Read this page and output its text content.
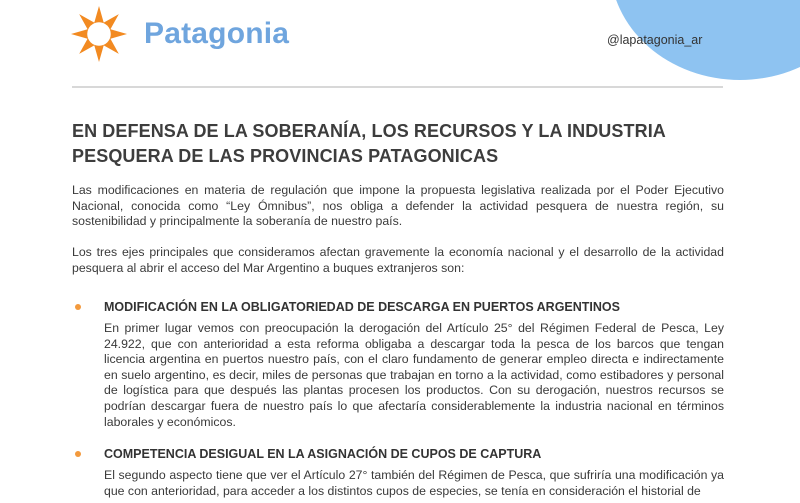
Patagonia	@lapatagonia_ar
EN DEFENSA DE LA SOBERANÍA, LOS RECURSOS Y LA INDUSTRIA PESQUERA DE LAS PROVINCIAS PATAGONICAS

Las modificaciones en materia de regulación que impone la propuesta legislativa realizada por el Poder Ejecutivo Nacional, conocida como “Ley Ómnibus”, nos obliga a defender la actividad pesquera de nuestra región, su sostenibilidad y principalmente la soberanía de nuestro país.

Los tres ejes principales que consideramos afectan gravemente la economía nacional y el desarrollo de la actividad pesquera al abrir el acceso del Mar Argentino a buques extranjeros son:

MODIFICACIÓN EN LA OBLIGATORIEDAD DE DESCARGA EN PUERTOS ARGENTINOS

En primer lugar vemos con preocupación la derogación del Artículo 25° del Régimen Federal de Pesca, Ley 24.922, que con anterioridad a esta reforma obligaba a descargar toda la pesca de los barcos que tengan licencia argentina en puertos nuestro país, con el claro fundamento de generar empleo directa e indirectamente en suelo argentino, es decir, miles de personas que trabajan en torno a la actividad, como estibadores y personal de logística para que después las plantas procesen los productos. Con su derogación, nuestros recursos se podrían descargar fuera de nuestro país lo que afectaría considerablemente la industria nacional en términos laborales y económicos.

COMPETENCIA DESIGUAL EN LA ASIGNACIÓN DE CUPOS DE CAPTURA

El segundo aspecto tiene que ver el Artículo 27° también del Régimen de Pesca, que sufriría una modificación ya que con anterioridad, para acceder a los distintos cupos de especies, se tenía en consideración el historial de
